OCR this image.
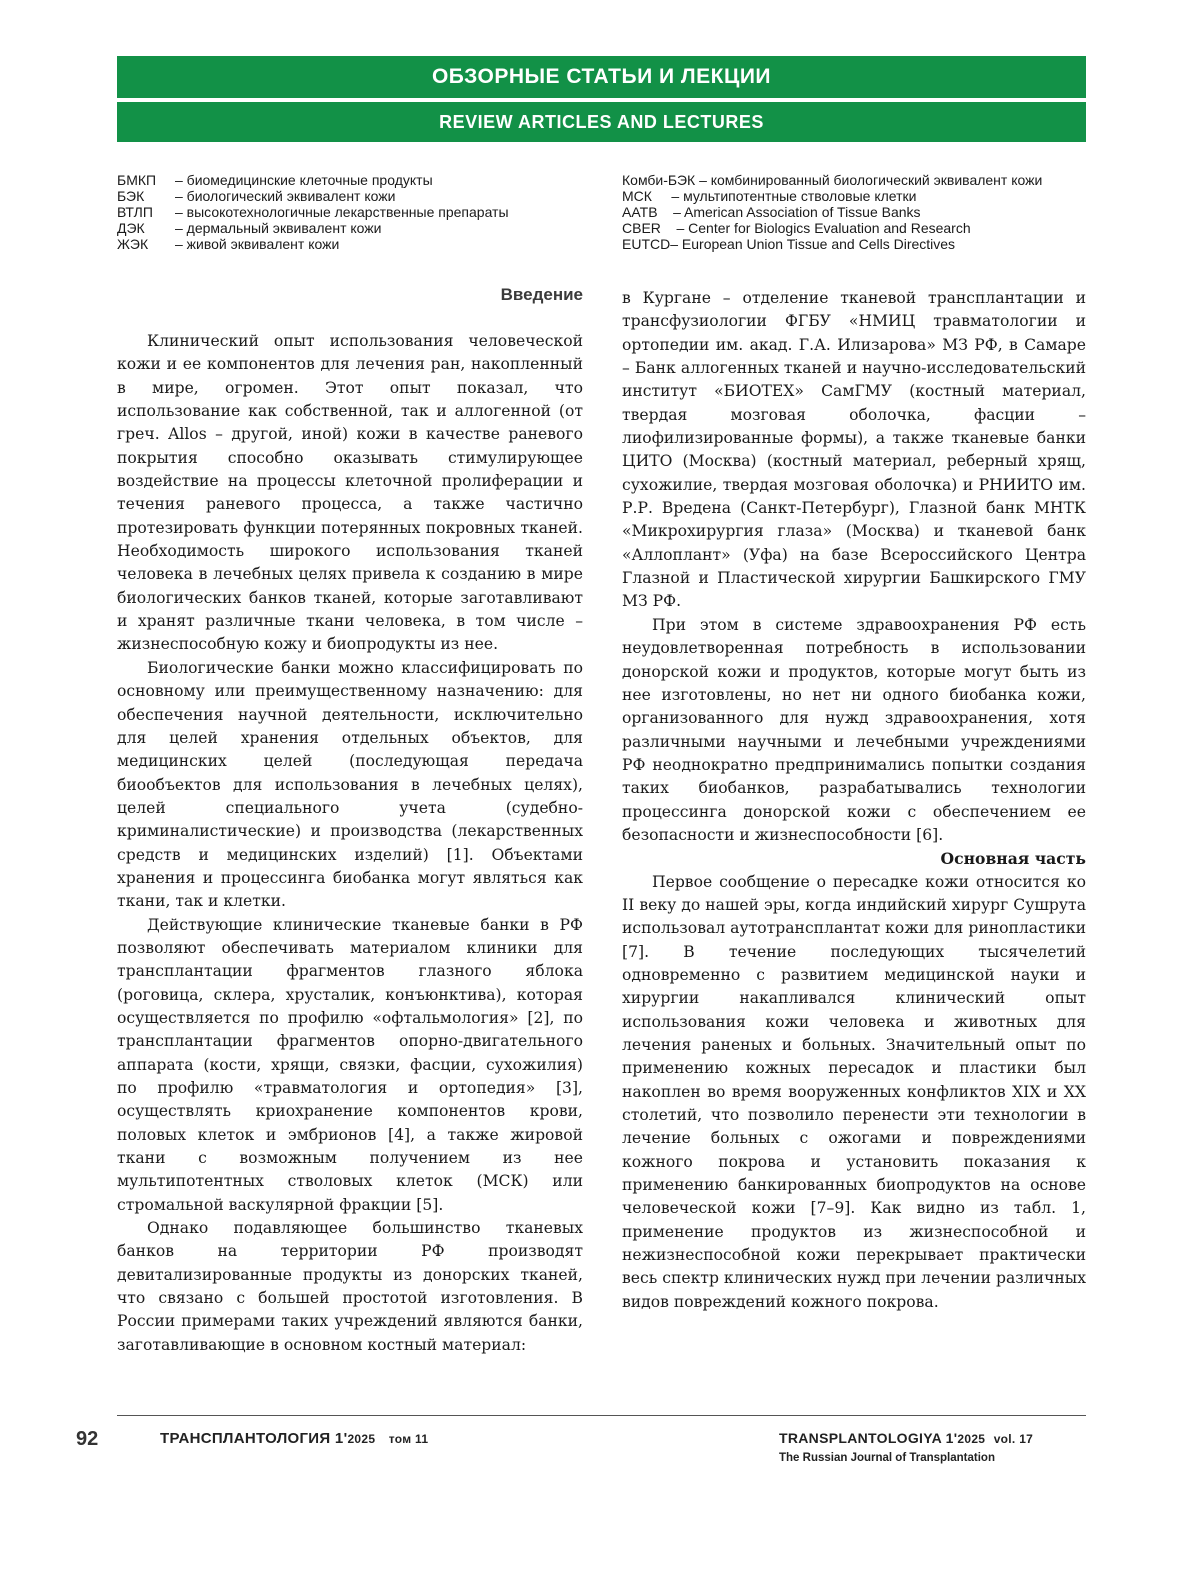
ОБЗОРНЫЕ СТАТЬИ И ЛЕКЦИИ
REVIEW ARTICLES AND LECTURES
БМКП	– биомедицинские клеточные продукты
БЭК	– биологический эквивалент кожи
ВТЛП	– высокотехнологичные лекарственные препараты
ДЭК	– дермальный эквивалент кожи
ЖЭК	– живой эквивалент кожи
Комби-БЭК – комбинированный биологический эквивалент кожи
МСК – мультипотентные стволовые клетки
AATB – American Association of Tissue Banks
CBER – Center for Biologics Evaluation and Research
EUTCD – European Union Tissue and Cells Directives
Введение

Клинический опыт использования человеческой кожи и ее компонентов для лечения ран, накопленный в мире, огромен. Этот опыт показал, что использование как собственной, так и аллогенной (от греч. Allos – другой, иной) кожи в качестве раневого покрытия способно оказывать стимулирующее воздействие на процессы клеточной пролиферации и течения раневого процесса, а также частично протезировать функции потерянных покровных тканей. Необходимость широкого использования тканей человека в лечебных целях привела к созданию в мире биологических банков тканей, которые заготавливают и хранят различные ткани человека, в том числе – жизнеспособную кожу и биопродукты из нее.

Биологические банки можно классифицировать по основному или преимущественному назначению: для обеспечения научной деятельности, исключительно для целей хранения отдельных объектов, для медицинских целей (последующая передача биообъектов для использования в лечебных целях), целей специального учета (судебно-криминалистические) и производства (лекарственных средств и медицинских изделий) [1]. Объектами хранения и процессинга биобанка могут являться как ткани, так и клетки.

Действующие клинические тканевые банки в РФ позволяют обеспечивать материалом клиники для трансплантации фрагментов глазного яблока (роговица, склера, хрусталик, конъюнктива), которая осуществляется по профилю «офтальмология» [2], по трансплантации фрагментов опорно-двигательного аппарата (кости, хрящи, связки, фасции, сухожилия) по профилю «травматология и ортопедия» [3], осуществлять криохранение компонентов крови, половых клеток и эмбрионов [4], а также жировой ткани с возможным получением из нее мультипотентных стволовых клеток (МСК) или стромальной васкулярной фракции [5].

Однако подавляющее большинство тканевых банков на территории РФ производят девитализированные продукты из донорских тканей, что связано с большей простотой изготовления. В России примерами таких учреждений являются банки, заготавливающие в основном костный материал:

в Кургане – отделение тканевой трансплантации и трансфузиологии ФГБУ «НМИЦ травматологии и ортопедии им. акад. Г.А. Илизарова» МЗ РФ, в Самаре – Банк аллогенных тканей и научно-исследовательский институт «БИОТЕХ» СамГМУ (костный материал, твердая мозговая оболочка, фасции – лиофилизированные формы), а также тканевые банки ЦИТО (Москва) (костный материал, реберный хрящ, сухожилие, твердая мозговая оболочка) и РНИИТО им. Р.Р. Вредена (Санкт-Петербург), Глазной банк МНТК «Микрохирургия глаза» (Москва) и тканевой банк «Аллоплант» (Уфа) на базе Всероссийского Центра Глазной и Пластической хирургии Башкирского ГМУ МЗ РФ.

При этом в системе здравоохранения РФ есть неудовлетворенная потребность в использовании донорской кожи и продуктов, которые могут быть из нее изготовлены, но нет ни одного биобанка кожи, организованного для нужд здравоохранения, хотя различными научными и лечебными учреждениями РФ неоднократно предпринимались попытки создания таких биобанков, разрабатывались технологии процессинга донорской кожи с обеспечением ее безопасности и жизнеспособности [6].

Основная часть

Первое сообщение о пересадке кожи относится ко II веку до нашей эры, когда индийский хирург Сушрута использовал аутотрансплантат кожи для ринопластики [7]. В течение последующих тысячелетий одновременно с развитием медицинской науки и хирургии накапливался клинический опыт использования кожи человека и животных для лечения раненых и больных. Значительный опыт по применению кожных пересадок и пластики был накоплен во время вооруженных конфликтов XIX и XX столетий, что позволило перенести эти технологии в лечение больных с ожогами и повреждениями кожного покрова и установить показания к применению банкированных биопродуктов на основе человеческой кожи [7–9]. Как видно из табл. 1, применение продуктов из жизнеспособной и нежизнеспособной кожи перекрывает практически весь спектр клинических нужд при лечении различных видов повреждений кожного покрова.

92	ТРАНСПЛАНТОЛОГИЯ 1'2025 том 11	TRANSPLANTOLOGIYA 1'2025 vol. 17
The Russian Journal of Transplantation
